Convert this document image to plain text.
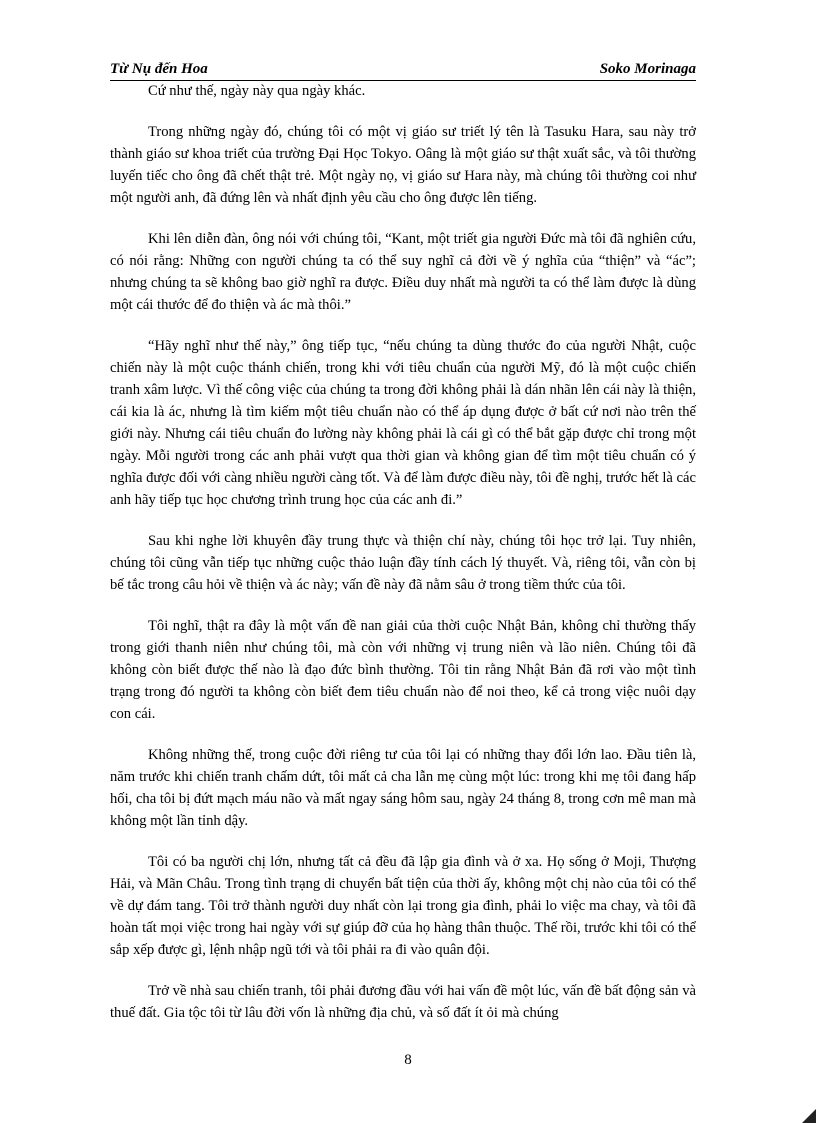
Từ Nụ đến Hoa	Soko Morinaga

Cứ như thế, ngày này qua ngày khác.

Trong những ngày đó, chúng tôi có một vị giáo sư triết lý tên là Tasuku Hara, sau này trở thành giáo sư khoa triết của trường Đại Học Tokyo. Oâng là một giáo sư thật xuất sắc, và tôi thường luyến tiếc cho ông đã chết thật trẻ. Một ngày nọ, vị giáo sư Hara này, mà chúng tôi thường coi như một người anh, đã đứng lên và nhất định yêu cầu cho ông được lên tiếng.

Khi lên diễn đàn, ông nói với chúng tôi, “Kant, một triết gia người Đức mà tôi đã nghiên cứu, có nói rằng: Những con người chúng ta có thể suy nghĩ cả đời về ý nghĩa của “thiện” và “ác”; nhưng chúng ta sẽ không bao giờ nghĩ ra được. Điều duy nhất mà người ta có thể làm được là dùng một cái thước để đo thiện và ác mà thôi.”

“Hãy nghĩ như thế này,” ông tiếp tục, “nếu chúng ta dùng thước đo của người Nhật, cuộc chiến này là một cuộc thánh chiến, trong khi với tiêu chuẩn của người Mỹ, đó là một cuộc chiến tranh xâm lược. Vì thế công việc của chúng ta trong đời không phải là dán nhãn lên cái này là thiện, cái kia là ác, nhưng là tìm kiếm một tiêu chuẩn nào có thể áp dụng được ở bất cứ nơi nào trên thế giới này. Nhưng cái tiêu chuẩn đo lường này không phải là cái gì có thể bắt gặp được chỉ trong một ngày. Mỗi người trong các anh phải vượt qua thời gian và không gian để tìm một tiêu chuẩn có ý nghĩa được đối với càng nhiều người càng tốt. Và để làm được điều này, tôi đề nghị, trước hết là các anh hãy tiếp tục học chương trình trung học của các anh đi.”

Sau khi nghe lời khuyên đầy trung thực và thiện chí này, chúng tôi học trở lại. Tuy nhiên, chúng tôi cũng vẫn tiếp tục những cuộc thảo luận đầy tính cách lý thuyết. Và, riêng tôi, vẫn còn bị bế tắc trong câu hỏi về thiện và ác này; vấn đề này đã nằm sâu ở trong tiềm thức của tôi.

Tôi nghĩ, thật ra đây là một vấn đề nan giải của thời cuộc Nhật Bản, không chỉ thường thấy trong giới thanh niên như chúng tôi, mà còn với những vị trung niên và lão niên. Chúng tôi đã không còn biết được thế nào là đạo đức bình thường. Tôi tin rằng Nhật Bản đã rơi vào một tình trạng trong đó người ta không còn biết đem tiêu chuẩn nào để noi theo, kể cả trong việc nuôi dạy con cái.

Không những thế, trong cuộc đời riêng tư của tôi lại có những thay đổi lớn lao. Đầu tiên là, năm trước khi chiến tranh chấm dứt, tôi mất cả cha lẫn mẹ cùng một lúc: trong khi mẹ tôi đang hấp hối, cha tôi bị đứt mạch máu não và mất ngay sáng hôm sau, ngày 24 tháng 8, trong cơn mê man mà không một lần tỉnh dậy.

Tôi có ba người chị lớn, nhưng tất cả đều đã lập gia đình và ở xa. Họ sống ở Moji, Thượng Hải, và Mãn Châu. Trong tình trạng di chuyển bất tiện của thời ấy, không một chị nào của tôi có thể về dự đám tang. Tôi trở thành người duy nhất còn lại trong gia đình, phải lo việc ma chay, và tôi đã hoàn tất mọi việc trong hai ngày với sự giúp đỡ của họ hàng thân thuộc. Thế rồi, trước khi tôi có thể sắp xếp được gì, lệnh nhập ngũ tới và tôi phải ra đi vào quân đội.

Trở về nhà sau chiến tranh, tôi phải đương đầu với hai vấn đề một lúc, vấn đề bất động sản và thuế đất. Gia tộc tôi từ lâu đời vốn là những địa chủ, và số đất ít ỏi mà chúng

8
